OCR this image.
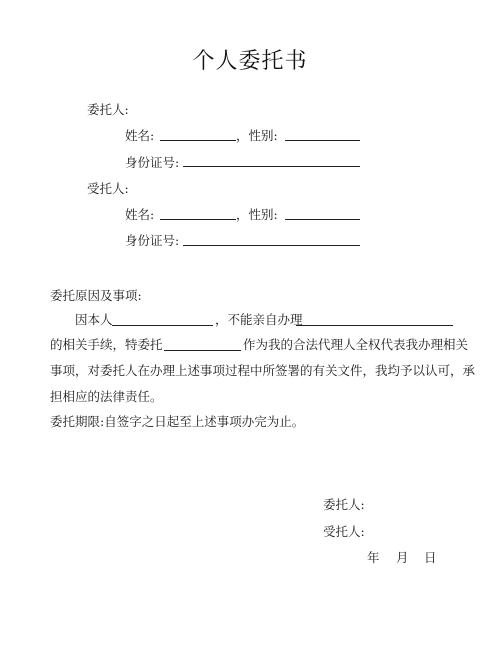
个人委托书
委托人:
姓名:	，性别:
身份证号:
受托人:
姓名:	，性别:
身份证号:
委托原因及事项:
因本人	，不能亲自办理
的相关手续，特委托	作为我的合法代理人全权代表我办理相关
事项，对委托人在办理上述事项过程中所签署的有关文件，我均予以认可，承
担相应的法律责任。
委托期限:自签字之日起至上述事项办完为止。
委托人:
受托人:
年 月 日
